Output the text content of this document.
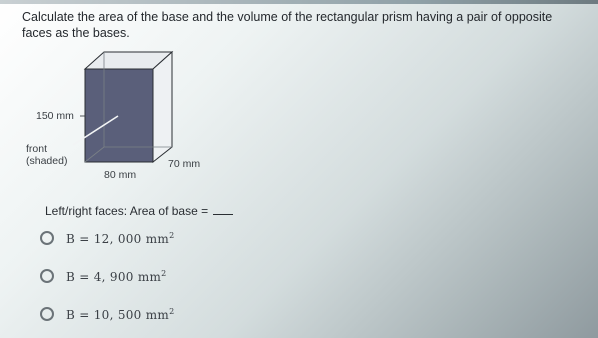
Calculate the area of the base and the volume of the rectangular prism having a pair of opposite faces as the bases.
150 mm
front
(shaded)
80 mm
70 mm
Left/right faces: Area of base =
B = 12, 000 $mm^2$
B = 4, 900 $mm^2$
B = 10, 500 $mm^2$
